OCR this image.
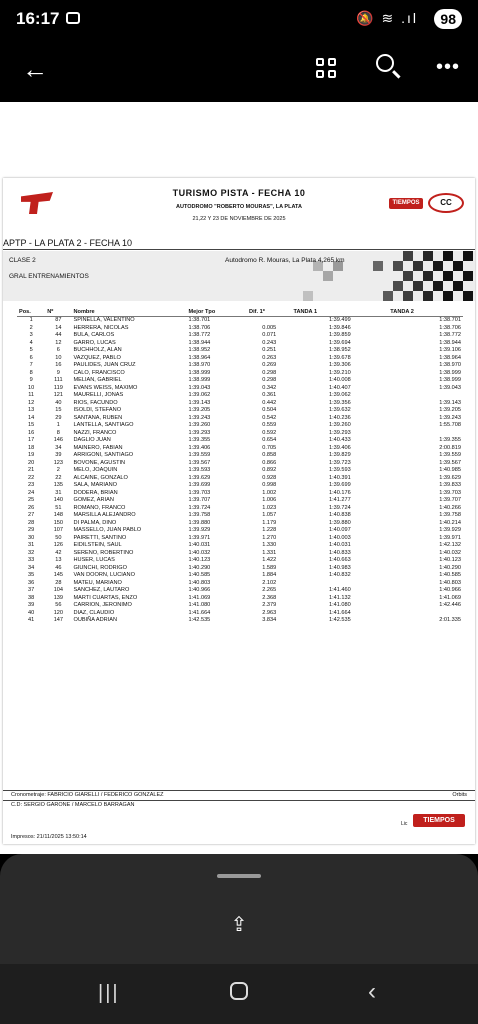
16:17	🔕 ≋ .ıl	98
←	•••
TURISMO PISTA - FECHA 10
AUTODROMO "ROBERTO MOURAS", LA PLATA
21,22 Y 23 DE NOVIEMBRE DE 2025
TIEMPOS	CC
APTP - LA PLATA 2 - FECHA 10
CLASE 2
GRAL ENTRENAMIENTOS
Autodromo R. Mouras, La Plata 4,265 km
Pos.	Nº	Nombre	Mejor Tpo	Dif. 1º	TANDA 1	TANDA 2
1	87	SPINELLA, VALENTINO	1:38.701		1:39.499	1:38.701
2	14	HERRERA, NICOLAS	1:38.706	0.005	1:39.846	1:38.706
3	44	BULA, CARLOS	1:38.772	0.071	1:39.859	1:38.772
4	12	GARRO, LUCAS	1:38.944	0.243	1:39.694	1:38.944
5	6	BUCHHOLZ, ALAN	1:38.952	0.251	1:38.952	1:39.106
6	10	VAZQUEZ, PABLO	1:38.964	0.263	1:39.678	1:38.964
7	16	PAULIDES, JUAN CRUZ	1:38.970	0.269	1:39.306	1:38.970
8	9	CALO, FRANCISCO	1:38.999	0.298	1:39.210	1:38.999
9	111	MELIAN, GABRIEL	1:38.999	0.298	1:40.008	1:38.999
10	119	EVANS WEISS, MAXIMO	1:39.043	0.342	1:40.407	1:39.043
11	121	MAURELLI, JONAS	1:39.062	0.361	1:39.062	
12	40	RIOS, FACUNDO	1:39.143	0.442	1:39.356	1:39.143
13	15	ISOLDI, STEFANO	1:39.205	0.504	1:39.632	1:39.205
14	29	SANTANA, RUBEN	1:39.243	0.542	1:40.236	1:39.243
15	1	LANTELLA, SANTIAGO	1:39.260	0.559	1:39.260	1:55.708
16	8	NAZZI, FRANCO	1:39.293	0.592	1:39.293	
17	146	DAGLIO JUAN	1:39.355	0.654	1:40.433	1:39.355
18	34	MAINERO, FABIAN	1:39.406	0.705	1:39.406	2:00.819
19	39	ARRIGONI, SANTIAGO	1:39.559	0.858	1:39.829	1:39.559
20	123	BOVONE, AGUSTIN	1:39.567	0.866	1:39.723	1:39.567
21	2	MELO, JOAQUIN	1:39.593	0.892	1:39.593	1:40.985
22	22	ALCAINE, GONZALO	1:39.629	0.928	1:40.391	1:39.629
23	135	SALA, MARIANO	1:39.699	0.998	1:39.699	1:39.833
24	31	DODERA, BRIAN	1:39.703	1.002	1:40.176	1:39.703
25	140	GOMEZ, ARIAN	1:39.707	1.006	1:41.277	1:39.707
26	51	ROMANO, FRANCO	1:39.724	1.023	1:39.724	1:40.266
27	148	MARSILLA ALEJANDRO	1:39.758	1.057	1:40.838	1:39.758
28	150	DI PALMA, DINO	1:39.880	1.179	1:39.880	1:40.214
29	107	MASSELLO, JUAN PABLO	1:39.929	1.228	1:40.097	1:39.929
30	50	PAIRETTI, SANTINO	1:39.971	1.270	1:40.003	1:39.971
31	126	EIDILSTEIN, SAUL	1:40.031	1.330	1:40.031	1:42.132
32	42	SERENO, ROBERTINO	1:40.032	1.331	1:40.833	1:40.032
33	13	HUSER, LUCAS	1:40.123	1.422	1:40.663	1:40.123
34	46	GIUNCHI, RODRIGO	1:40.290	1.589	1:40.983	1:40.290
35	145	VAN DOORN, LUCIANO	1:40.585	1.884	1:40.832	1:40.585
36	28	MATEU, MARIANO	1:40.803	2.102		1:40.803
37	104	SANCHEZ, LAUTARO	1:40.966	2.265	1:41.460	1:40.966
38	139	MARTI CUARTAS, ENZO	1:41.069	2.368	1:41.132	1:41.069
39	56	CARRION, JERONIMO	1:41.080	2.379	1:41.080	1:42.446
40	120	DIAZ, CLAUDIO	1:41.664	2.963	1:41.664	
41	147	OUBIÑA ADRIAN	1:42.535	3.834	1:42.535	2:01.335
Cronometraje: FABRICIO GIARELLI / FEDERICO GONZALEZ	Orbits
C.D: SERGIO GARONE / MARCELO BARRAGAN
Lic	TIEMPOS
Impresos: 21/11/2025 13:50:14
⇪
|||	‹
